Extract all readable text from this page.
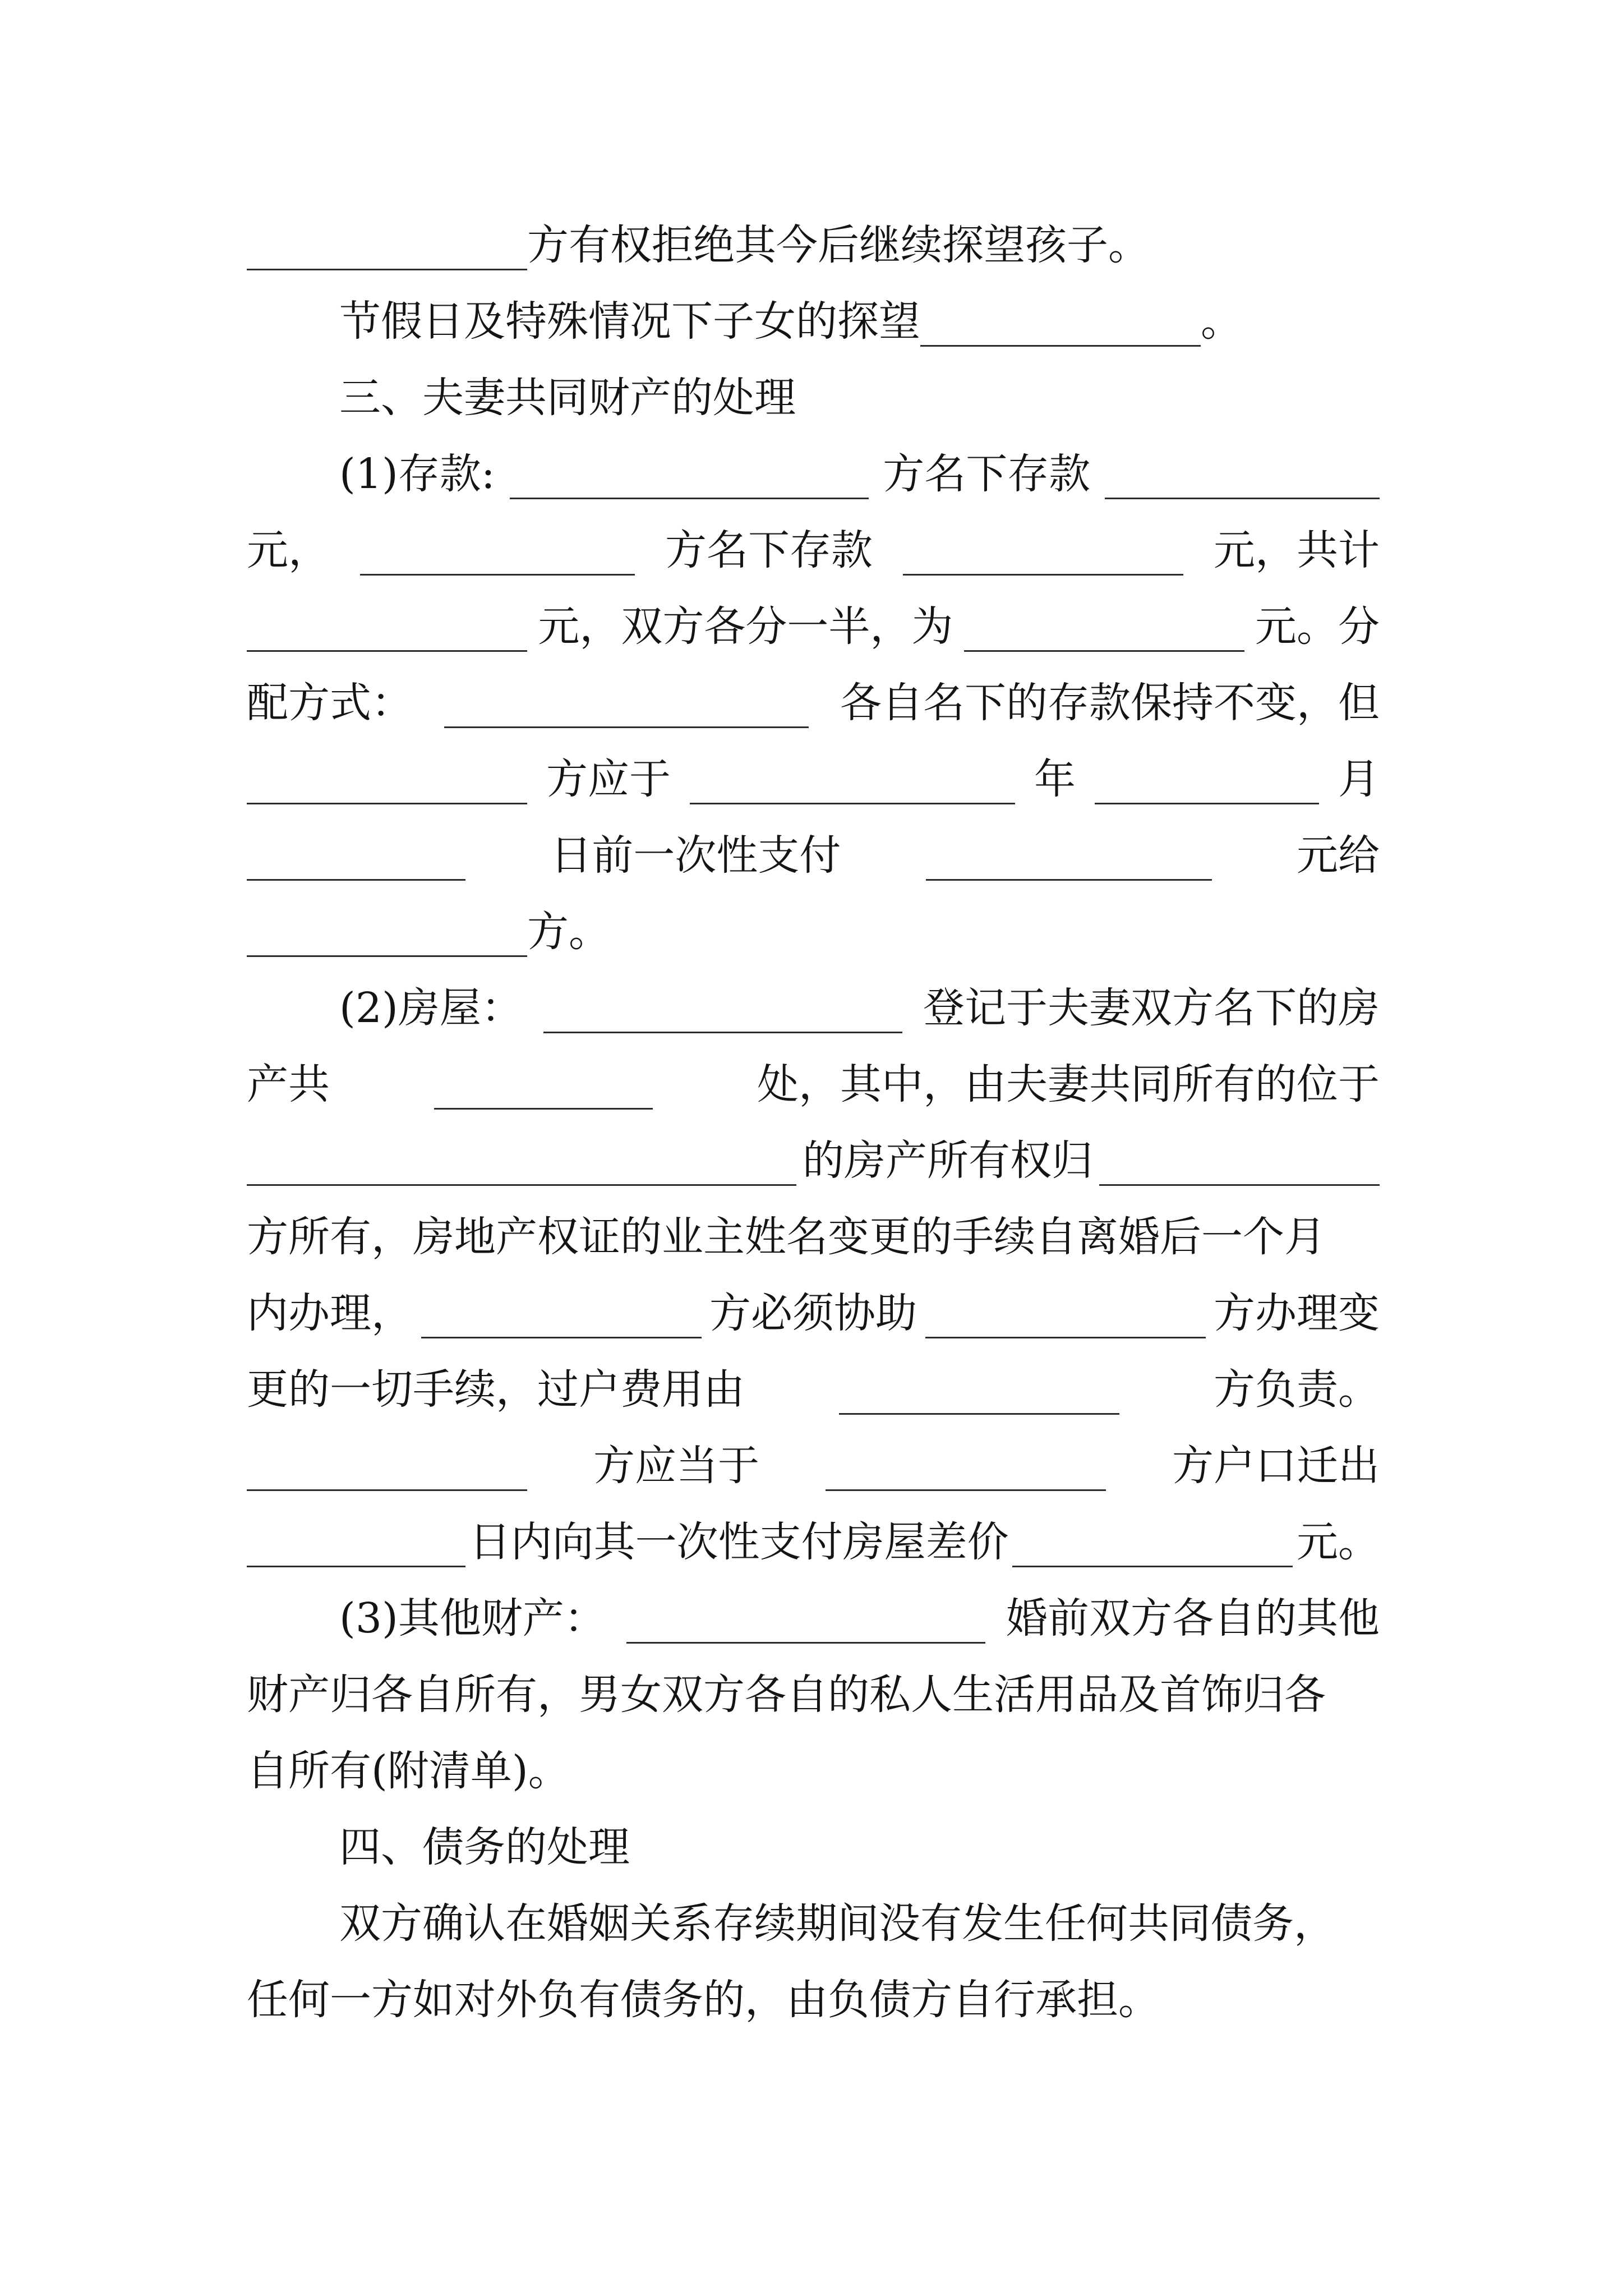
方有权拒绝其今后继续探望孩子。
节假日及特殊情况下子女的探望	。
三、夫妻共同财产的处理
(1)存款:	方名下存款
元，	方名下存款	元，共计
元，双方各分一半，为	元。分
配方式：	各自名下的存款保持不变，但
方应于	年	月
日前一次性支付	元给
方。
(2)房屋：	登记于夫妻双方名下的房
产共	处，其中，由夫妻共同所有的位于
的房产所有权归
方所有，房地产权证的业主姓名变更的手续自离婚后一个月
内办理，	方必须协助	方办理变
更的一切手续，过户费用由	方负责。
方应当于	方户口迁出
日内向其一次性支付房屋差价	元。
(3)其他财产：	婚前双方各自的其他
财产归各自所有，男女双方各自的私人生活用品及首饰归各
自所有(附清单)。
四、债务的处理
双方确认在婚姻关系存续期间没有发生任何共同债务，
任何一方如对外负有债务的，由负债方自行承担。
